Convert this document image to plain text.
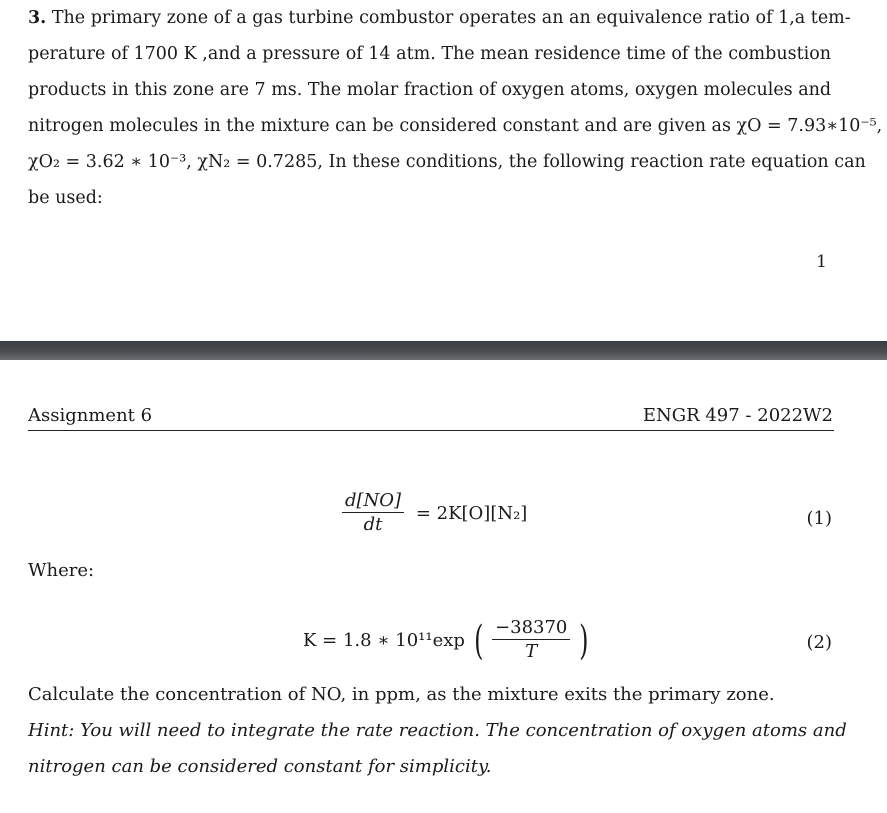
3. The primary zone of a gas turbine combustor operates an an equivalence ratio of 1,a tem-
perature of 1700 K ,and a pressure of 14 atm. The mean residence time of the combustion
products in this zone are 7 ms. The molar fraction of oxygen atoms, oxygen molecules and
nitrogen molecules in the mixture can be considered constant and are given as χO = 7.93∗10⁻⁵,
χO₂ = 3.62 ∗ 10⁻³, χN₂ = 0.7285, In these conditions, the following reaction rate equation can
be used:
1
Assignment 6	ENGR 497 - 2022W2
$\frac{d[NO]}{dt} = 2K[O][N_2]$	(1)
Where:
K = 1.8 ∗ 10¹¹exp ( $\frac{-38370}{T}$ )	(2)
Calculate the concentration of NO, in ppm, as the mixture exits the primary zone.
Hint: You will need to integrate the rate reaction. The concentration of oxygen atoms and
nitrogen can be considered constant for simplicity.
